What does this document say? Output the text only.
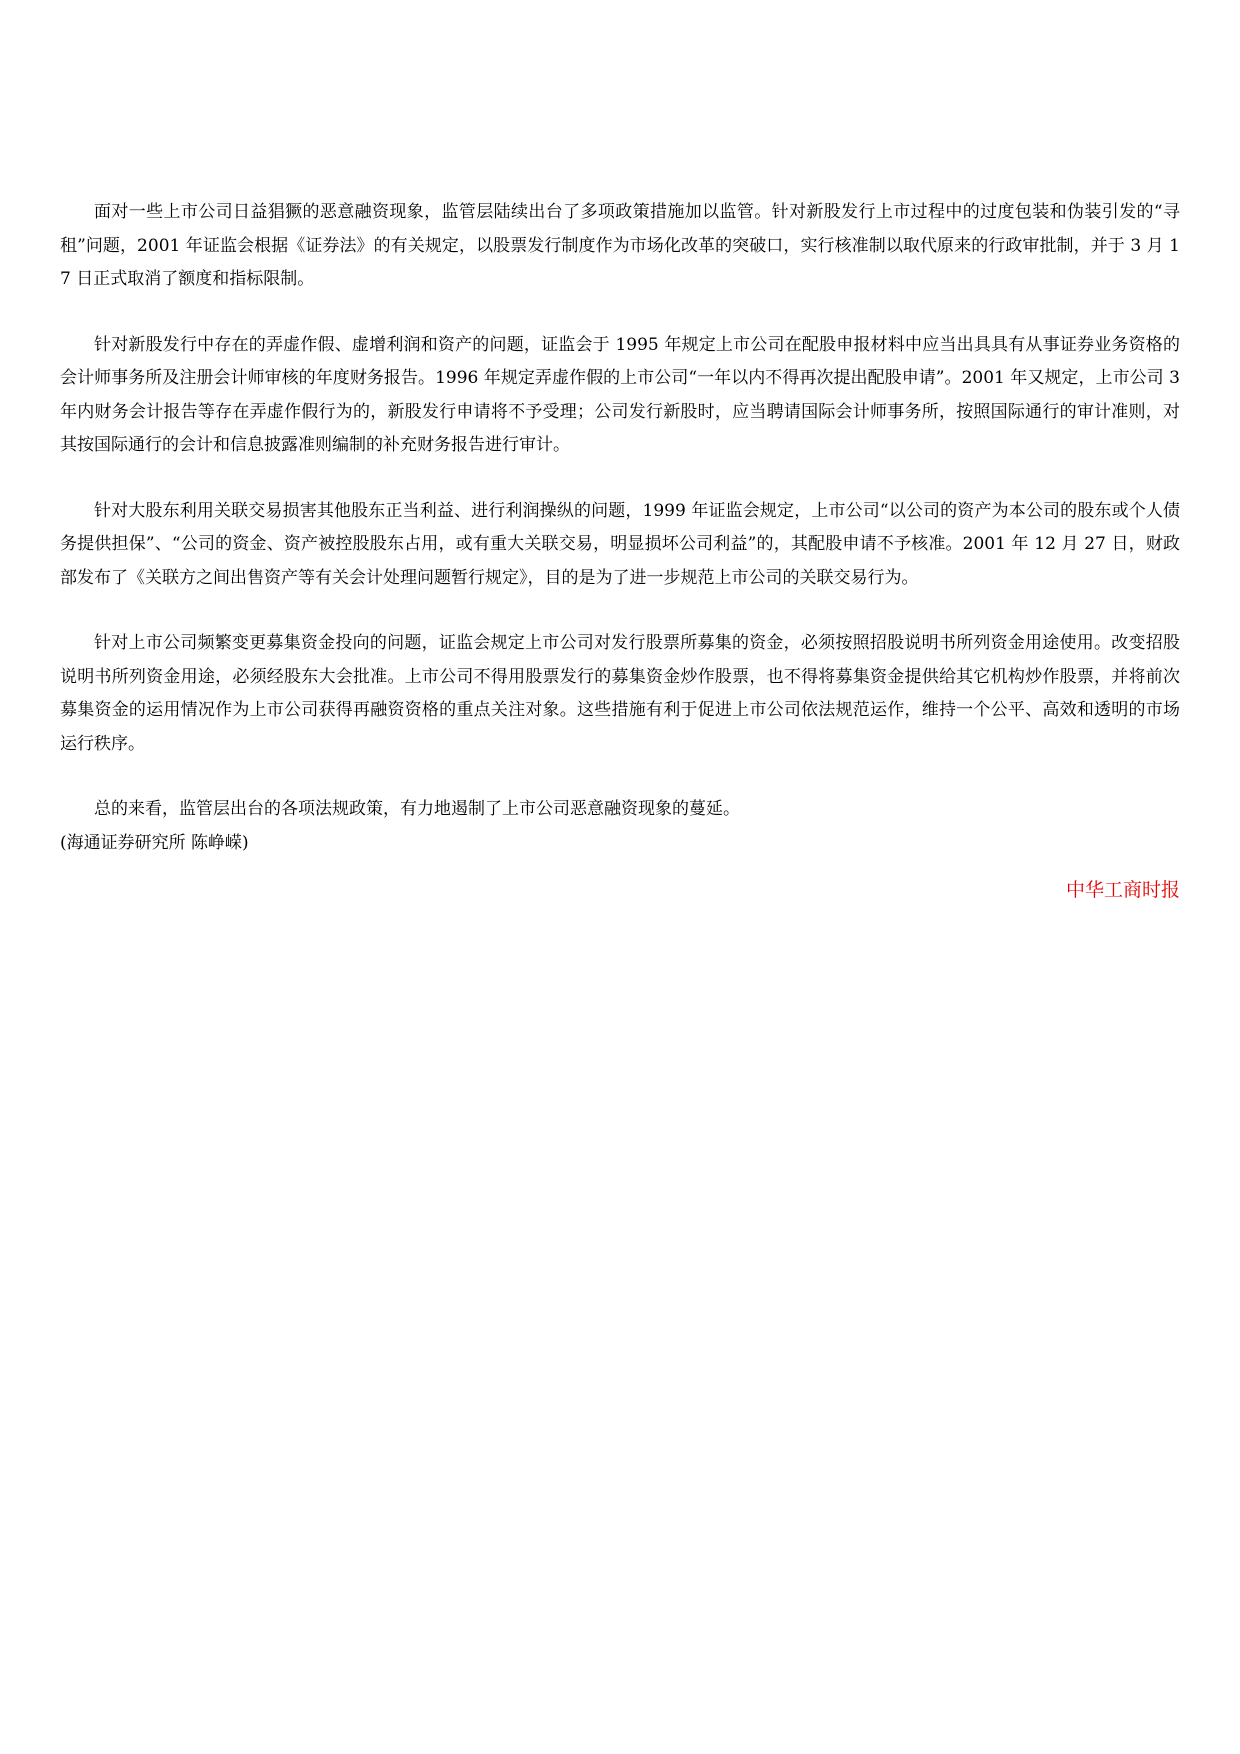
面对一些上市公司日益猖獗的恶意融资现象，监管层陆续出台了多项政策措施加以监管。针对新股发行上市过程中的过度包装和伪装引发的“寻租”问题，2001 年证监会根据《证券法》的有关规定，以股票发行制度作为市场化改革的突破口，实行核准制以取代原来的行政审批制，并于 3 月 17 日正式取消了额度和指标限制。

针对新股发行中存在的弄虚作假、虚增利润和资产的问题，证监会于 1995 年规定上市公司在配股申报材料中应当出具具有从事证券业务资格的会计师事务所及注册会计师审核的年度财务报告。1996 年规定弄虚作假的上市公司“一年以内不得再次提出配股申请”。2001 年又规定，上市公司 3 年内财务会计报告等存在弄虚作假行为的，新股发行申请将不予受理；公司发行新股时，应当聘请国际会计师事务所，按照国际通行的审计准则，对其按国际通行的会计和信息披露准则编制的补充财务报告进行审计。

针对大股东利用关联交易损害其他股东正当利益、进行利润操纵的问题，1999 年证监会规定，上市公司“以公司的资产为本公司的股东或个人债务提供担保”、“公司的资金、资产被控股股东占用，或有重大关联交易，明显损坏公司利益”的，其配股申请不予核准。2001 年 12 月 27 日，财政部发布了《关联方之间出售资产等有关会计处理问题暂行规定》，目的是为了进一步规范上市公司的关联交易行为。

针对上市公司频繁变更募集资金投向的问题，证监会规定上市公司对发行股票所募集的资金，必须按照招股说明书所列资金用途使用。改变招股说明书所列资金用途，必须经股东大会批准。上市公司不得用股票发行的募集资金炒作股票，也不得将募集资金提供给其它机构炒作股票，并将前次募集资金的运用情况作为上市公司获得再融资资格的重点关注对象。这些措施有利于促进上市公司依法规范运作，维持一个公平、高效和透明的市场运行秩序。

总的来看，监管层出台的各项法规政策，有力地遏制了上市公司恶意融资现象的蔓延。

(海通证券研究所 陈峥嵘)

中华工商时报
